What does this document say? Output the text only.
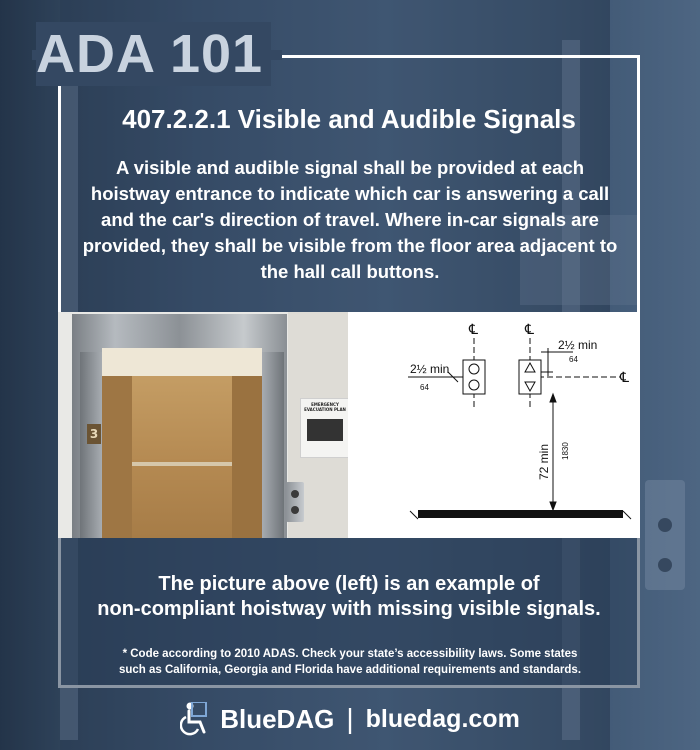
ADA 101
407.2.2.1 Visible and Audible Signals
A visible and audible signal shall be provided at each hoistway entrance to indicate which car is answering a call and the car's direction of travel. Where in-car signals are provided, they shall be visible from the floor area adjacent to the hall call buttons.
3
EMERGENCY EVACUATION PLAN
℄	℄
℄
2½ min
64
2½ min
64
72 min 1830
The picture above (left) is an example of
non-compliant hoistway with missing visible signals.
* Code according to 2010 ADAS. Check your state’s accessibility laws. Some states
such as California, Georgia and Florida have additional requirements and standards.
BlueDAG | bluedag.com
